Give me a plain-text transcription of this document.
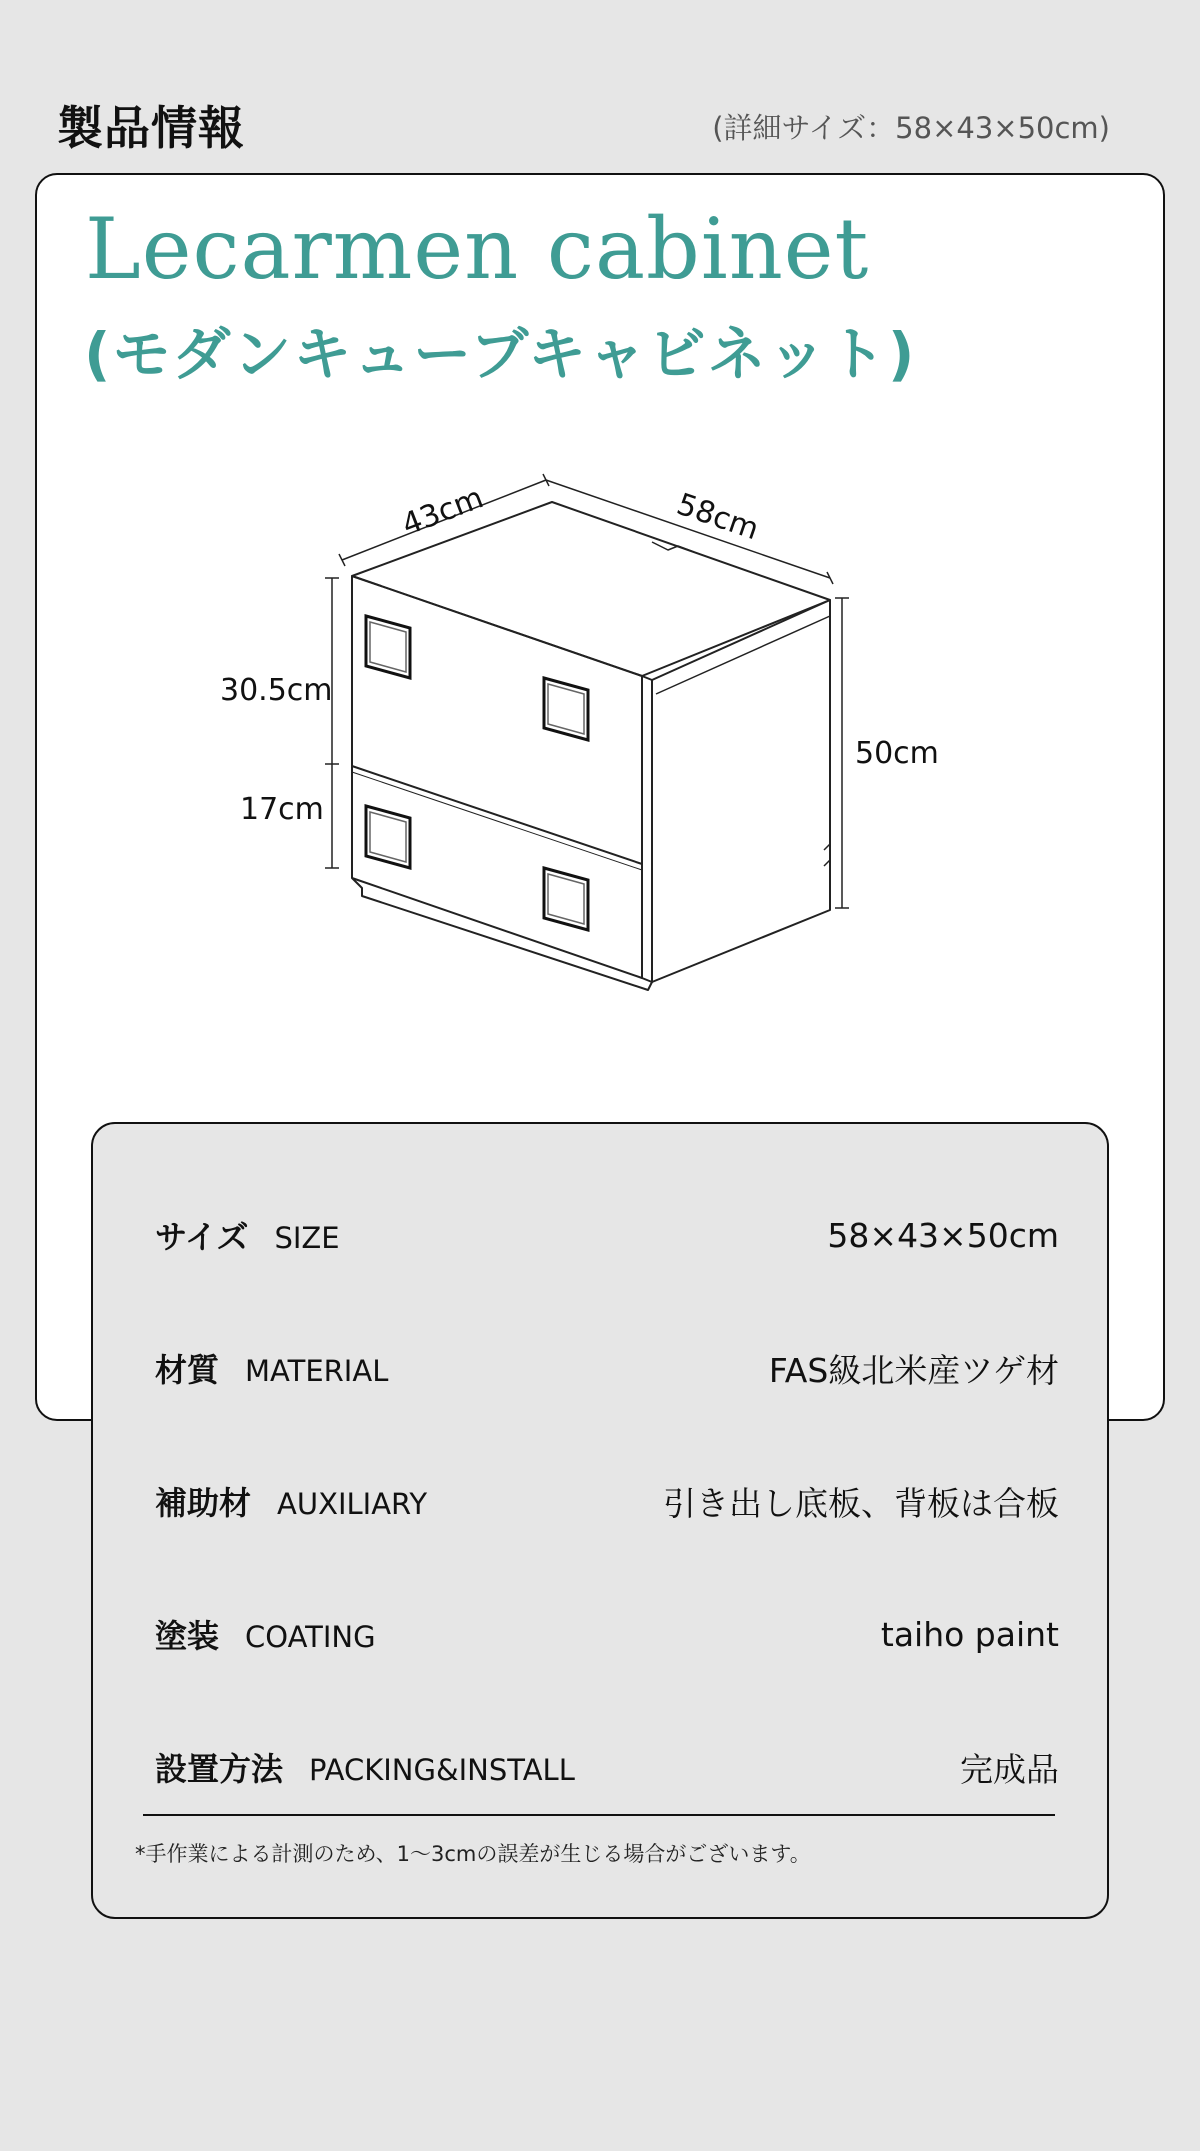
製品情報	(詳細サイズ：58×43×50cm)
Lecarmen cabinet
(モダンキューブキャビネット)
43cm	58cm
30.5cm
17cm
50cm
サイズ SIZE	58×43×50cm
材質 MATERIAL	FAS級北米産ツゲ材
補助材 AUXILIARY	引き出し底板、背板は合板
塗装 COATING	taiho paint
設置方法 PACKING&INSTALL	完成品
*手作業による計測のため、1～3cmの誤差が生じる場合がございます。
